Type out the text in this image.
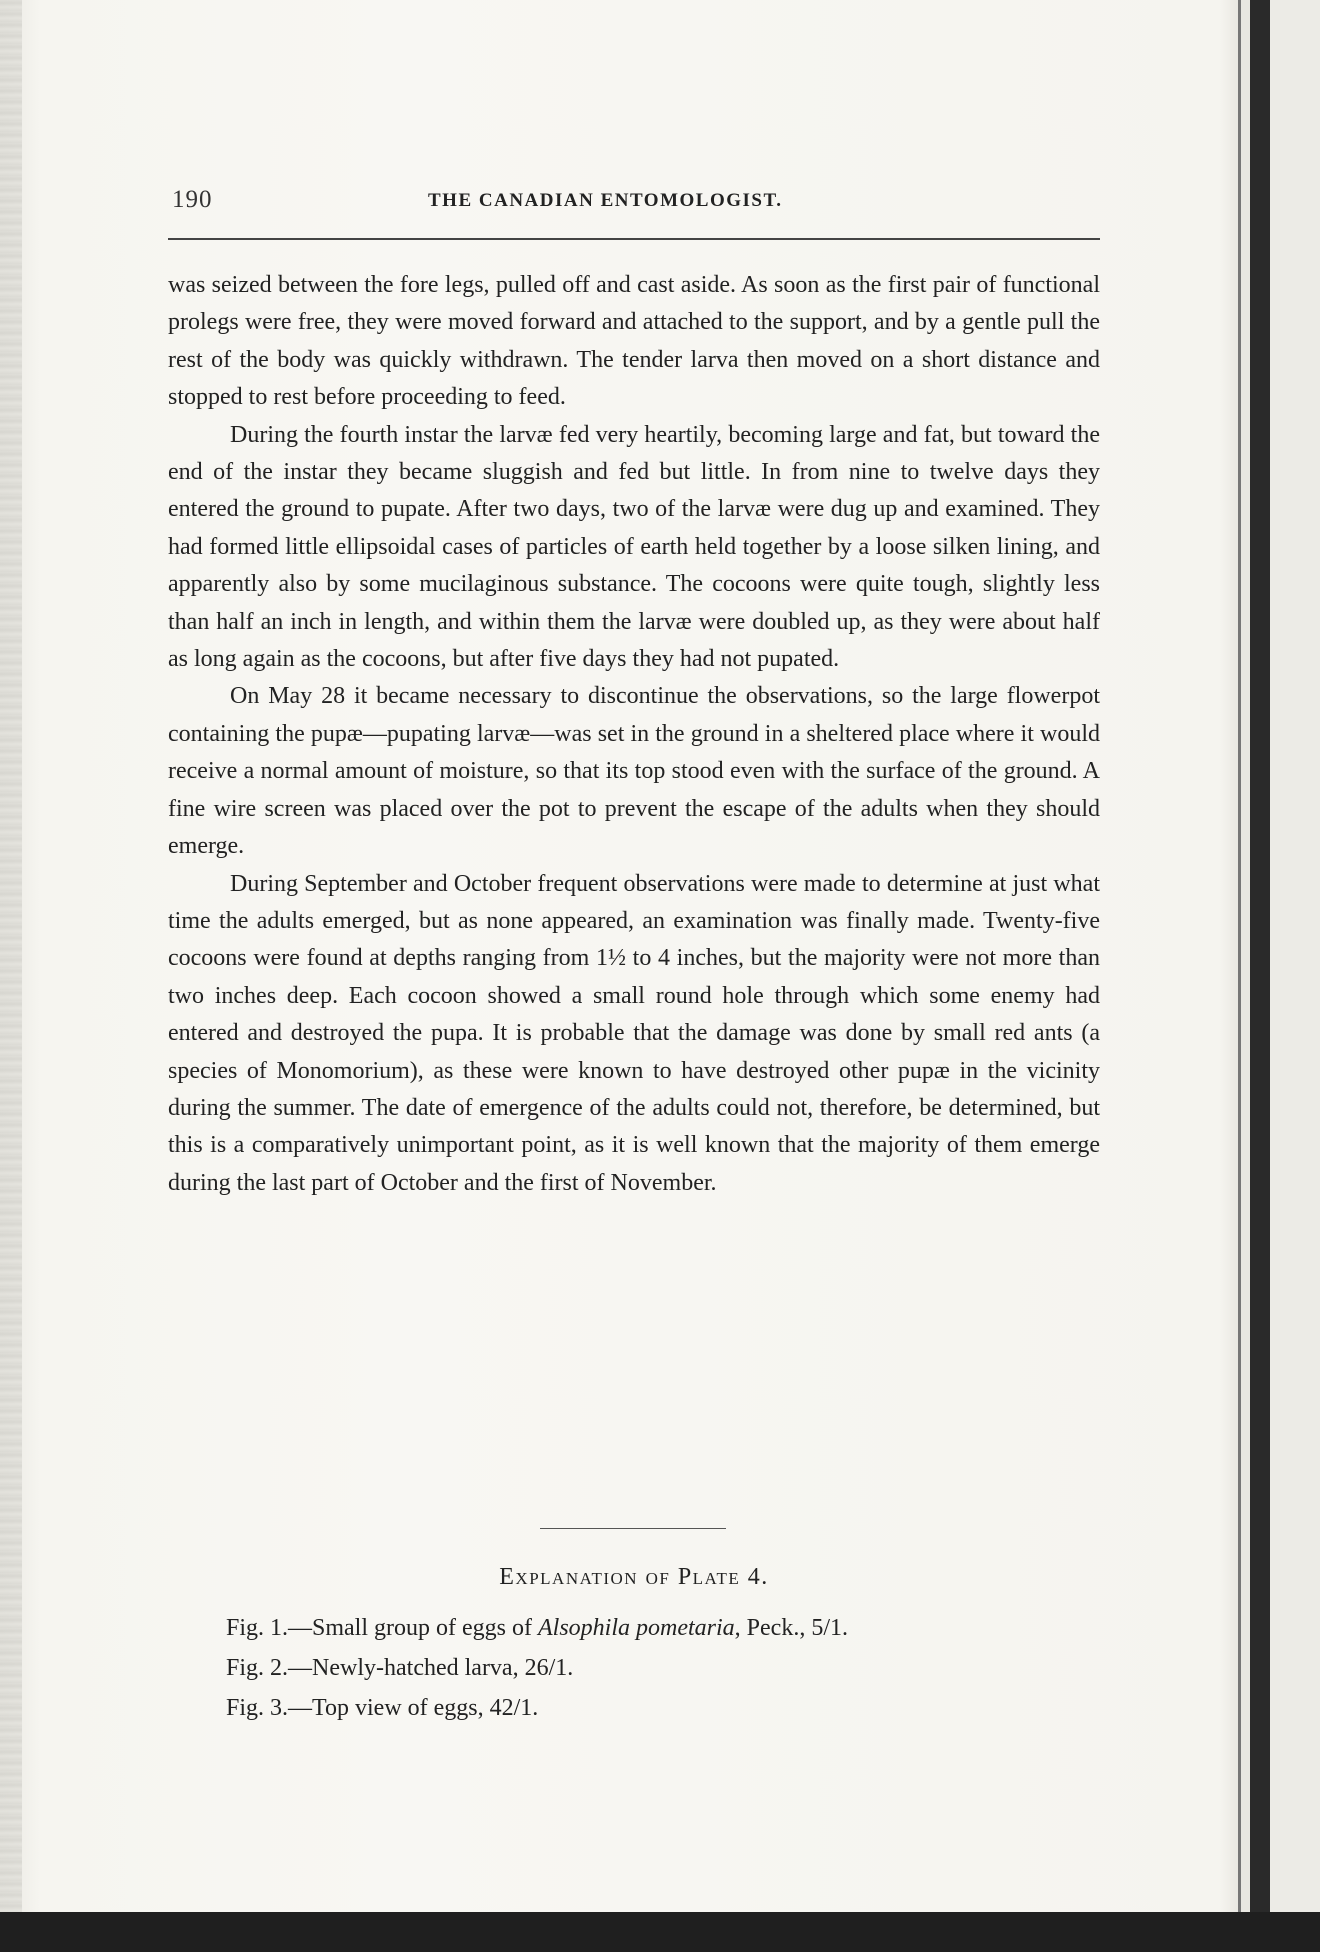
190	THE CANADIAN ENTOMOLOGIST.

was seized between the fore legs, pulled off and cast aside. As soon as the first pair of functional prolegs were free, they were moved forward and attached to the support, and by a gentle pull the rest of the body was quickly withdrawn. The tender larva then moved on a short distance and stopped to rest before proceeding to feed.

During the fourth instar the larvæ fed very heartily, becoming large and fat, but toward the end of the instar they became sluggish and fed but little. In from nine to twelve days they entered the ground to pupate. After two days, two of the larvæ were dug up and examined. They had formed little ellipsoidal cases of particles of earth held together by a loose silken lining, and apparently also by some mucilaginous substance. The cocoons were quite tough, slightly less than half an inch in length, and within them the larvæ were doubled up, as they were about half as long again as the cocoons, but after five days they had not pupated.

On May 28 it became necessary to discontinue the observations, so the large flowerpot containing the pupæ—pupating larvæ—was set in the ground in a sheltered place where it would receive a normal amount of moisture, so that its top stood even with the surface of the ground. A fine wire screen was placed over the pot to prevent the escape of the adults when they should emerge.

During September and October frequent observations were made to determine at just what time the adults emerged, but as none appeared, an examination was finally made. Twenty-five cocoons were found at depths ranging from 1½ to 4 inches, but the majority were not more than two inches deep. Each cocoon showed a small round hole through which some enemy had entered and destroyed the pupa. It is probable that the damage was done by small red ants (a species of Monomorium), as these were known to have destroyed other pupæ in the vicinity during the summer. The date of emergence of the adults could not, therefore, be determined, but this is a comparatively unimportant point, as it is well known that the majority of them emerge during the last part of October and the first of November.

Explanation of Plate 4.
Fig. 1.—Small group of eggs of Alsophila pometaria, Peck., 5/1.
Fig. 2.—Newly-hatched larva, 26/1.
Fig. 3.—Top view of eggs, 42/1.
